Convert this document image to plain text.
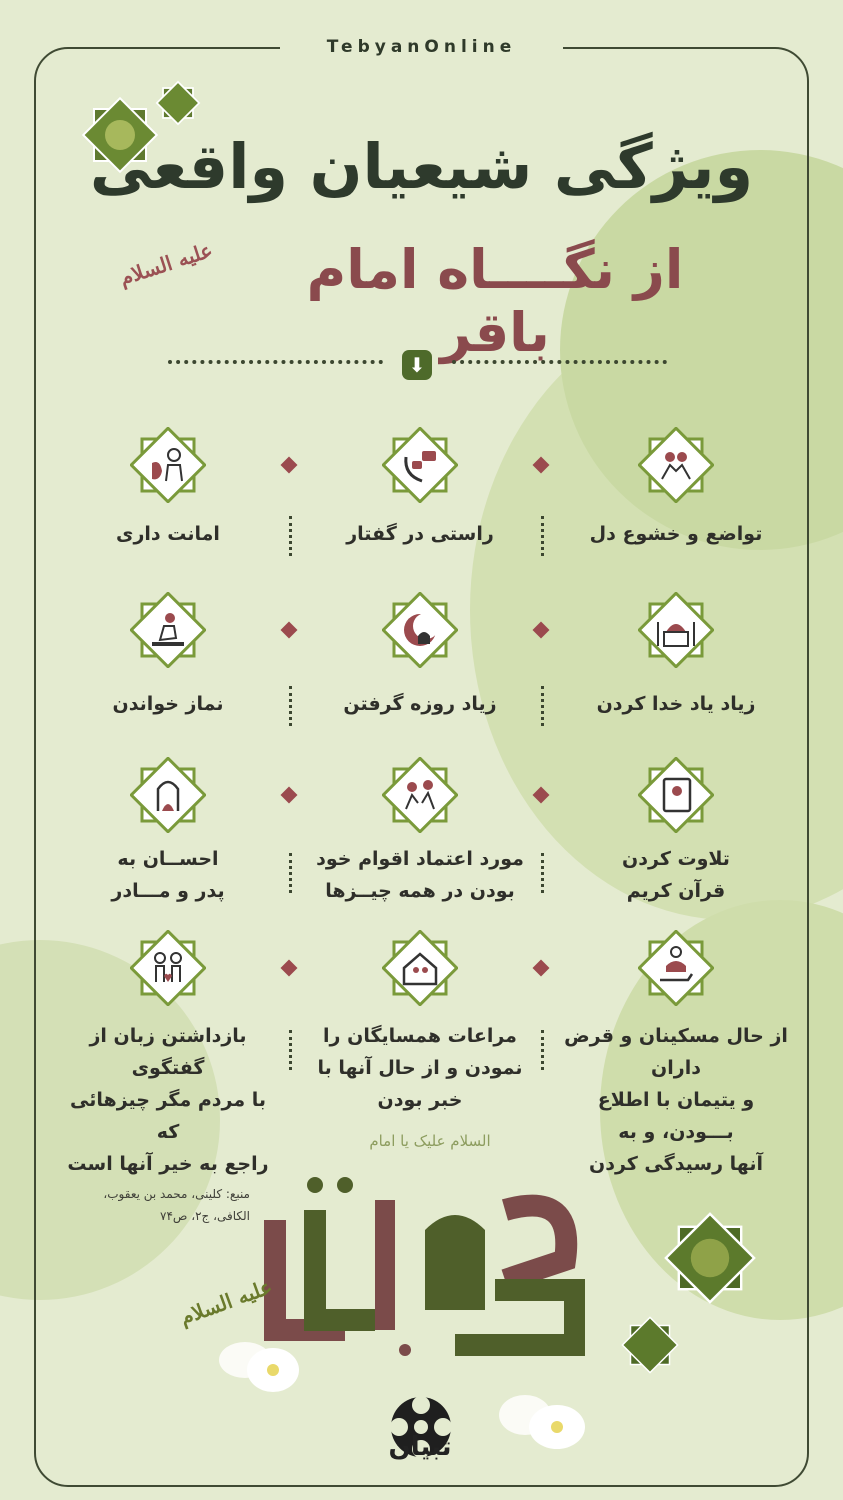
TebyanOnline
ویژگی شیعیان واقعی
از نگــــاه امام باقر
علیه السلام
⬇
تواضع و خشوع دل
راستی در گفتار
امانت داری
زیاد یاد خدا کردن
زیاد روزه گرفتن
نماز خواندن
تلاوت کردن
قرآن کریم
مورد اعتماد اقوام خود
بودن در همه چیــزها
احســان به
پدر و مـــادر
از حال مسکینان و قرض داران
و یتیمان با اطلاع بـــودن، و به
آنها رسیدگی کردن
مراعات همسایگان را
نمودن و از حال آنها با
خبر بودن
بازداشتن زبان از گفتگوی
با مردم مگر چیزهائی که
راجع به خیر آنها است
السلام علیک یا امام
منبع: کلینی، محمد بن یعقوب،
الکافی، ج۲، ص۷۴
علیه السلام
تبیان
